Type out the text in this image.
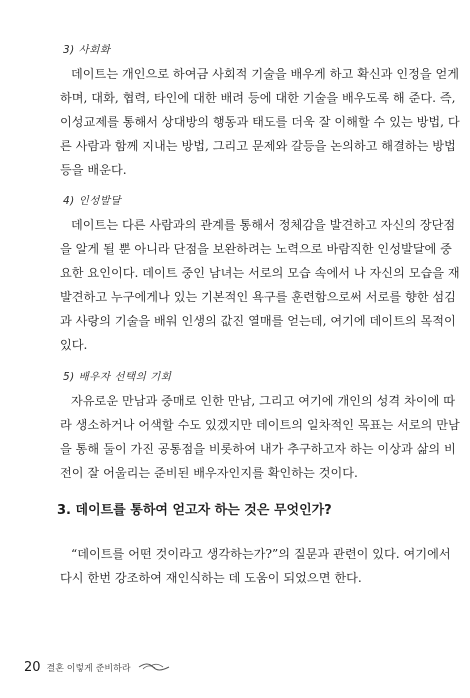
3) 사회화
데이트는 개인으로 하여금 사회적 기술을 배우게 하고 확신과 인정을 얻게
하며, 대화, 협력, 타인에 대한 배려 등에 대한 기술을 배우도록 해 준다. 즉,
이성교제를 통해서 상대방의 행동과 태도를 더욱 잘 이해할 수 있는 방법, 다
른 사람과 함께 지내는 방법, 그리고 문제와 갈등을 논의하고 해결하는 방법
등을 배운다.
4) 인성발달
데이트는 다른 사람과의 관계를 통해서 정체감을 발견하고 자신의 장단점
을 알게 될 뿐 아니라 단점을 보완하려는 노력으로 바람직한 인성발달에 중
요한 요인이다. 데이트 중인 남녀는 서로의 모습 속에서 나 자신의 모습을 재
발견하고 누구에게나 있는 기본적인 욕구를 훈련함으로써 서로를 향한 섬김
과 사랑의 기술을 배워 인생의 값진 열매를 얻는데, 여기에 데이트의 목적이
있다.
5) 배우자 선택의 기회
자유로운 만남과 중매로 인한 만남, 그리고 여기에 개인의 성격 차이에 따
라 생소하거나 어색할 수도 있겠지만 데이트의 일차적인 목표는 서로의 만남
을 통해 둘이 가진 공통점을 비롯하여 내가 추구하고자 하는 이상과 삶의 비
전이 잘 어울리는 준비된 배우자인지를 확인하는 것이다.
3. 데이트를 통하여 얻고자 하는 것은 무엇인가?
“데이트를 어떤 것이라고 생각하는가?”의 질문과 관련이 있다. 여기에서
다시 한번 강조하여 재인식하는 데 도움이 되었으면 한다.
20 결혼 이렇게 준비하라
